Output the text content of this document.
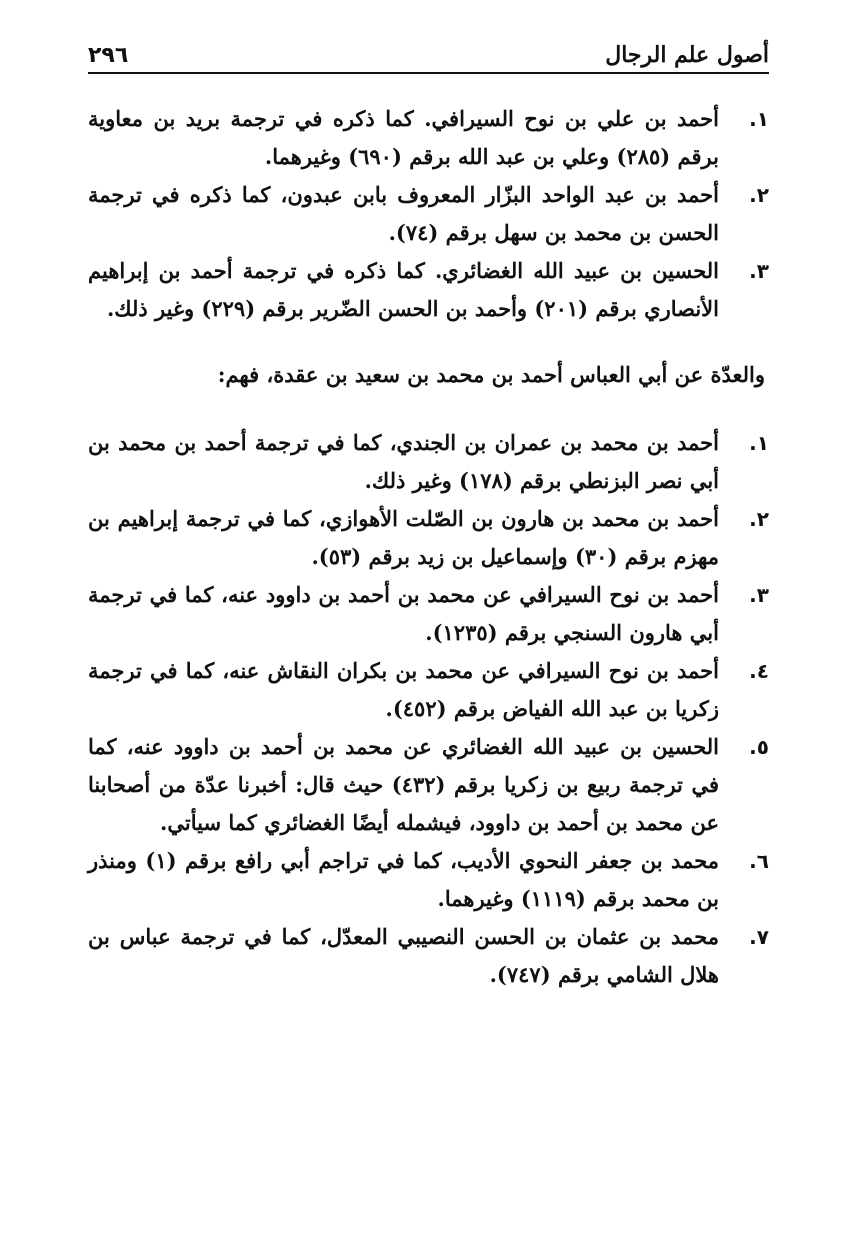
أصول علم الرجال
٢٩٦
١.
أحمد بن علي بن نوح السيرافي. كما ذكره في ترجمة بريد بن معاوية برقم (٢٨٥) وعلي بن عبد الله برقم (٦٩٠) وغيرهما.
٢.
أحمد بن عبد الواحد البزّار المعروف بابن عبدون، كما ذكره في ترجمة الحسن بن محمد بن سهل برقم (٧٤).
٣.
الحسين بن عبيد الله الغضائري. كما ذكره في ترجمة أحمد بن إبراهيم الأنصاري برقم (٢٠١) وأحمد بن الحسن الضّرير برقم (٢٢٩) وغير ذلك.

والعدّة عن أبي العباس أحمد بن محمد بن سعيد بن عقدة، فهم:

١.
أحمد بن محمد بن عمران بن الجندي، كما في ترجمة أحمد بن محمد بن أبي نصر البزنطي برقم (١٧٨) وغير ذلك.
٢.
أحمد بن محمد بن هارون بن الصّلت الأهوازي، كما في ترجمة إبراهيم بن مهزم برقم (٣٠) وإسماعيل بن زيد برقم (٥٣).
٣.
أحمد بن نوح السيرافي عن محمد بن أحمد بن داوود عنه، كما في ترجمة أبي هارون السنجي برقم (١٢٣٥).
٤.
أحمد بن نوح السيرافي عن محمد بن بكران النقاش عنه، كما في ترجمة زكريا بن عبد الله الفياض برقم (٤٥٢).
٥.
الحسين بن عبيد الله الغضائري عن محمد بن أحمد بن داوود عنه، كما في ترجمة ربيع بن زكريا برقم (٤٣٢) حيث قال: أخبرنا عدّة من أصحابنا عن محمد بن أحمد بن داوود، فيشمله أيضًا الغضائري كما سيأتي.
٦.
محمد بن جعفر النحوي الأديب، كما في تراجم أبي رافع برقم (١) ومنذر بن محمد برقم (١١١٩) وغيرهما.
٧.
محمد بن عثمان بن الحسن النصيبي المعدّل، كما في ترجمة عباس بن هلال الشامي برقم (٧٤٧).
